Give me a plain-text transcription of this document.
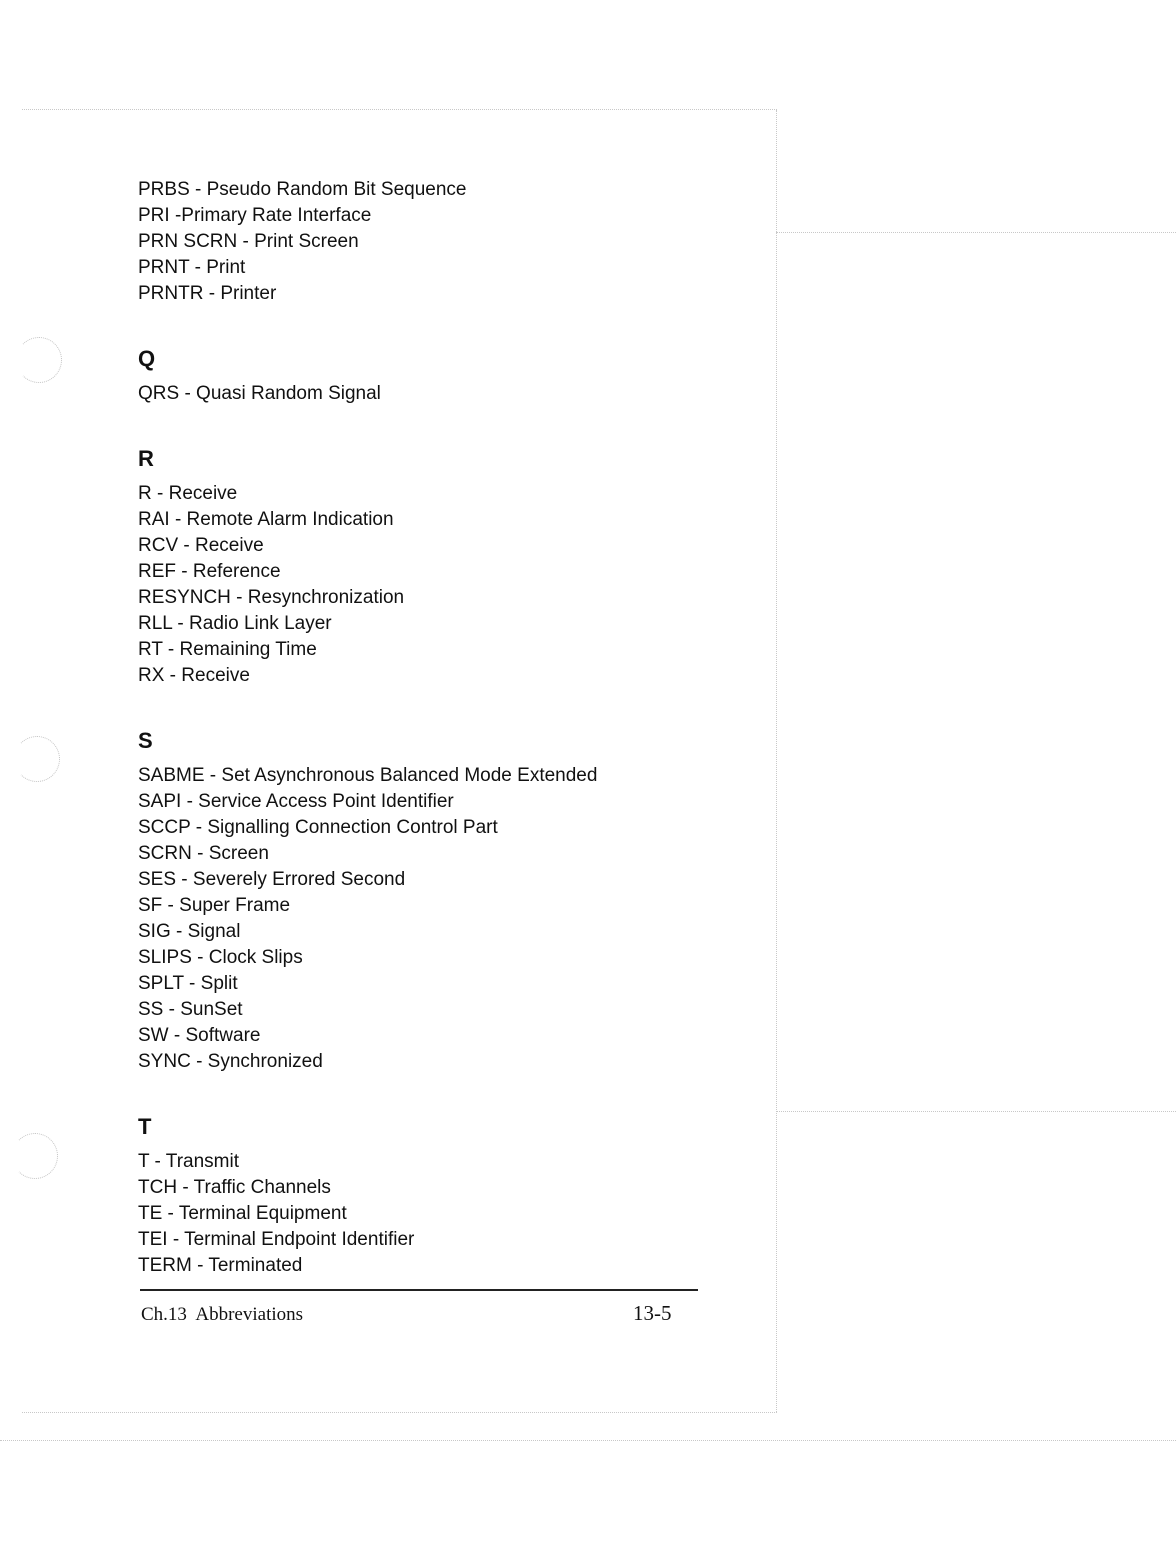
PRBS - Pseudo Random Bit Sequence
PRI -Primary Rate Interface
PRN SCRN - Print Screen
PRNT - Print
PRNTR - Printer
Q
QRS - Quasi Random Signal
R
R - Receive
RAI - Remote Alarm Indication
RCV - Receive
REF - Reference
RESYNCH - Resynchronization
RLL - Radio Link Layer
RT - Remaining Time
RX - Receive
S
SABME - Set Asynchronous Balanced Mode Extended
SAPI - Service Access Point Identifier
SCCP - Signalling Connection Control Part
SCRN - Screen
SES - Severely Errored Second
SF - Super Frame
SIG - Signal
SLIPS - Clock Slips
SPLT - Split
SS - SunSet
SW - Software
SYNC - Synchronized
T
T - Transmit
TCH - Traffic Channels
TE - Terminal Equipment
TEI - Terminal Endpoint Identifier
TERM - Terminated
Ch.13  Abbreviations	13-5
